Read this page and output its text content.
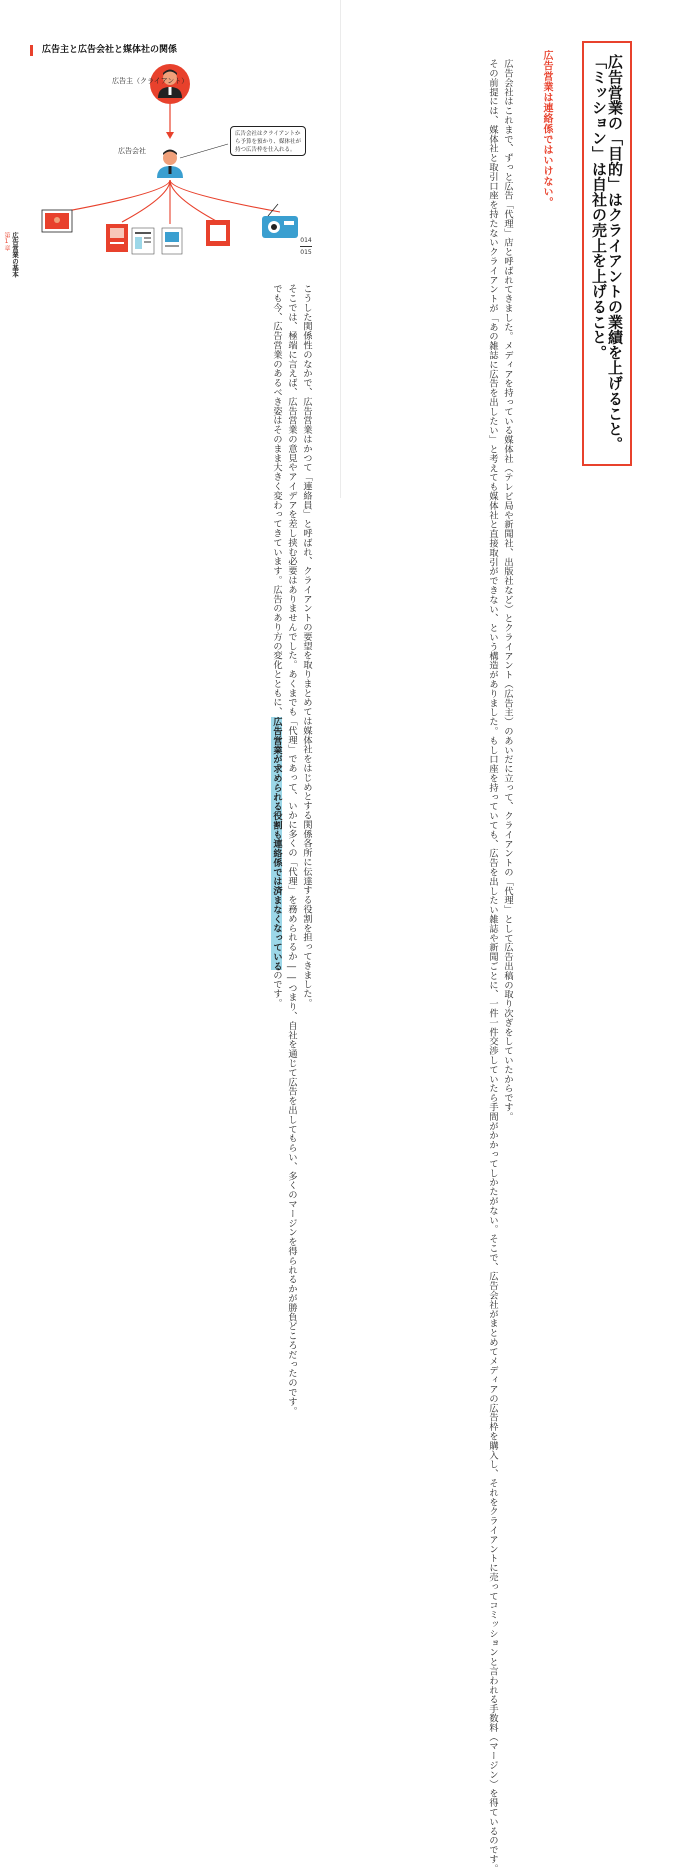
広告主と広告会社と媒体社の関係
￥
広告主（クライアント）
広告会社
広告会社はクライアントか
ら予算を預かり、媒体社が
持つ広告枠を仕入れる。
第1章 広告営業の基本

こうした関係性のなかで、広告営業はかつて「連絡員」と呼ばれ、クライアントの要望を取りまとめては媒体社をはじめとする関係各所に伝達する役割を担ってきました。

そこでは、極端に言えば、広告営業の意見やアイデアを差し挟む必要はありませんでした。あくまでも「代理」であって、いかに多くの「代理」を務められるか――つまり、自社を通じて広告を出してもらい、多くのマージンを得られるかが勝負どころだったのです。

でも今、広告営業のあるべき姿はそのまま大きく変わってきています。広告のあり方の変化とともに、広告営業が求められる役割も連絡係では済まなくなっているのです。

014
015	広告営業の「目的」はクライアントの業績を上げること。
「ミッション」は自社の売上を上げること。
広告営業は連絡係ではいけない。

広告会社はこれまで、ずっと広告「代理」店と呼ばれてきました。メディアを持っている媒体社（テレビ局や新聞社、出版社など）とクライアント（広告主）のあいだに立って、クライアントの「代理」として広告出稿の取り次ぎをしていたからです。

その前提には、媒体社と取引口座を持たないクライアントが「あの雑誌に広告を出したい」と考えても媒体社と直接取引ができない、という構造がありました。もし口座を持っていても、広告を出したい雑誌や新聞ごとに、一件一件交渉していたら手間がかかってしかたがない。そこで、広告会社がまとめてメディアの広告枠を購入し、それをクライアントに売ってコミッションと言われる手数料（マージン）を得ているのです。
